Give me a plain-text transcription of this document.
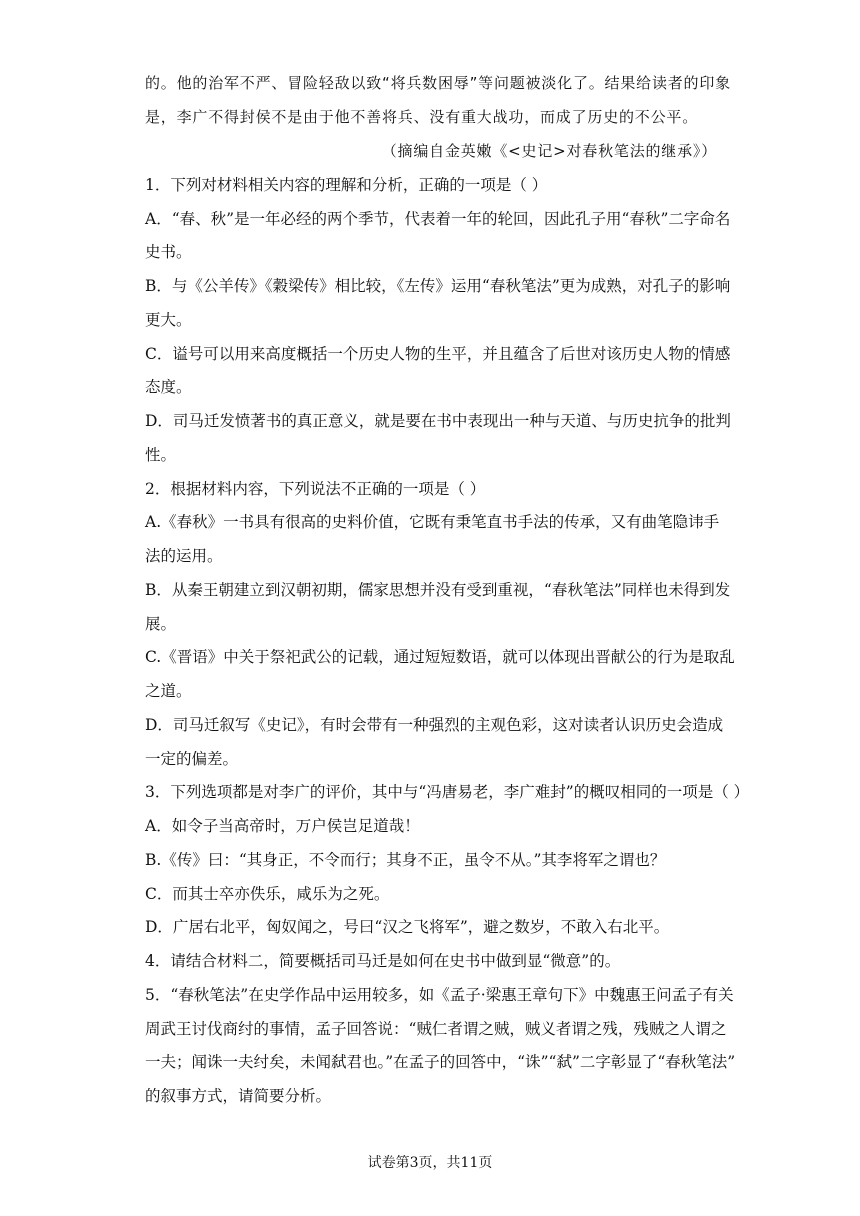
的。他的治军不严、冒险轻敌以致“将兵数困辱”等问题被淡化了。结果给读者的印象
是，李广不得封侯不是由于他不善将兵、没有重大战功，而成了历史的不公平。
（摘编自金英嫩《<史记>对春秋笔法的继承》）
1．下列对材料相关内容的理解和分析，正确的一项是（ ）
A．“春、秋”是一年必经的两个季节，代表着一年的轮回，因此孔子用“春秋”二字命名
史书。
B．与《公羊传》《穀梁传》相比较，《左传》运用“春秋笔法”更为成熟，对孔子的影响
更大。
C．谥号可以用来高度概括一个历史人物的生平，并且蕴含了后世对该历史人物的情感
态度。
D．司马迁发愤著书的真正意义，就是要在书中表现出一种与天道、与历史抗争的批判
性。
2．根据材料内容，下列说法不正确的一项是（ ）
A.《春秋》一书具有很高的史料价值，它既有秉笔直书手法的传承，又有曲笔隐讳手
法的运用。
B．从秦王朝建立到汉朝初期，儒家思想并没有受到重视，“春秋笔法”同样也未得到发
展。
C.《晋语》中关于祭祀武公的记载，通过短短数语，就可以体现出晋献公的行为是取乱
之道。
D．司马迁叙写《史记》，有时会带有一种强烈的主观色彩，这对读者认识历史会造成
一定的偏差。
3．下列选项都是对李广的评价，其中与“冯唐易老，李广难封”的概叹相同的一项是（ ）
A．如令子当高帝时，万户侯岂足道哉！
B.《传》曰：“其身正，不令而行；其身不正，虽令不从。”其李将军之谓也？
C．而其士卒亦佚乐，咸乐为之死。
D．广居右北平，匈奴闻之，号曰“汉之飞将军”，避之数岁，不敢入右北平。
4．请结合材料二，简要概括司马迁是如何在史书中做到显“微意”的。
5．“春秋笔法”在史学作品中运用较多，如《孟子·梁惠王章句下》中魏惠王问孟子有关
周武王讨伐商纣的事情，孟子回答说：“贼仁者谓之贼，贼义者谓之残，残贼之人谓之
一夫；闻诛一夫纣矣，未闻弑君也。”在孟子的回答中，“诛”“弑”二字彰显了“春秋笔法”
的叙事方式，请简要分析。
试卷第3页，共11页
